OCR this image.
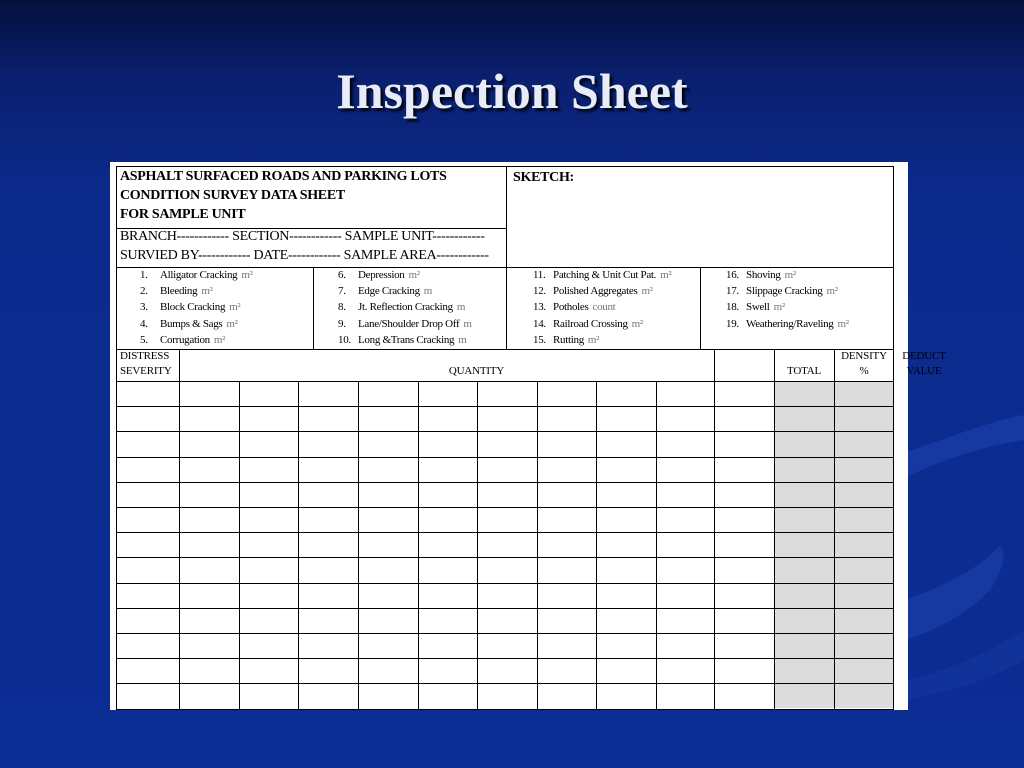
Inspection Sheet
ASPHALT SURFACED ROADS AND PARKING LOTS
CONDITION SURVEY DATA SHEET
FOR SAMPLE UNIT
SKETCH:
BRANCH------------ SECTION------------ SAMPLE UNIT------------
SURVIED BY------------ DATE------------ SAMPLE AREA------------
1. Alligator Cracking m²
2. Bleeding m²
3. Block Cracking m²
4. Bumps & Sags m²
5. Corrugation m²
6. Depression m²
7. Edge Cracking m
8. Jt. Reflection Cracking m
9. Lane/Shoulder Drop Off m
10. Long &Trans Cracking m
11. Patching & Unit Cut Pat. m²
12. Polished Aggregates m²
13. Potholes count
14. Railroad Crossing m²
15. Rutting m²
16. Shoving m²
17. Slippage Cracking m²
18. Swell m²
19. Weathering/Raveling m²
DISTRESS
SEVERITY	QUANTITY	TOTAL
DENSITY
%
DEDUCT
VALUE
